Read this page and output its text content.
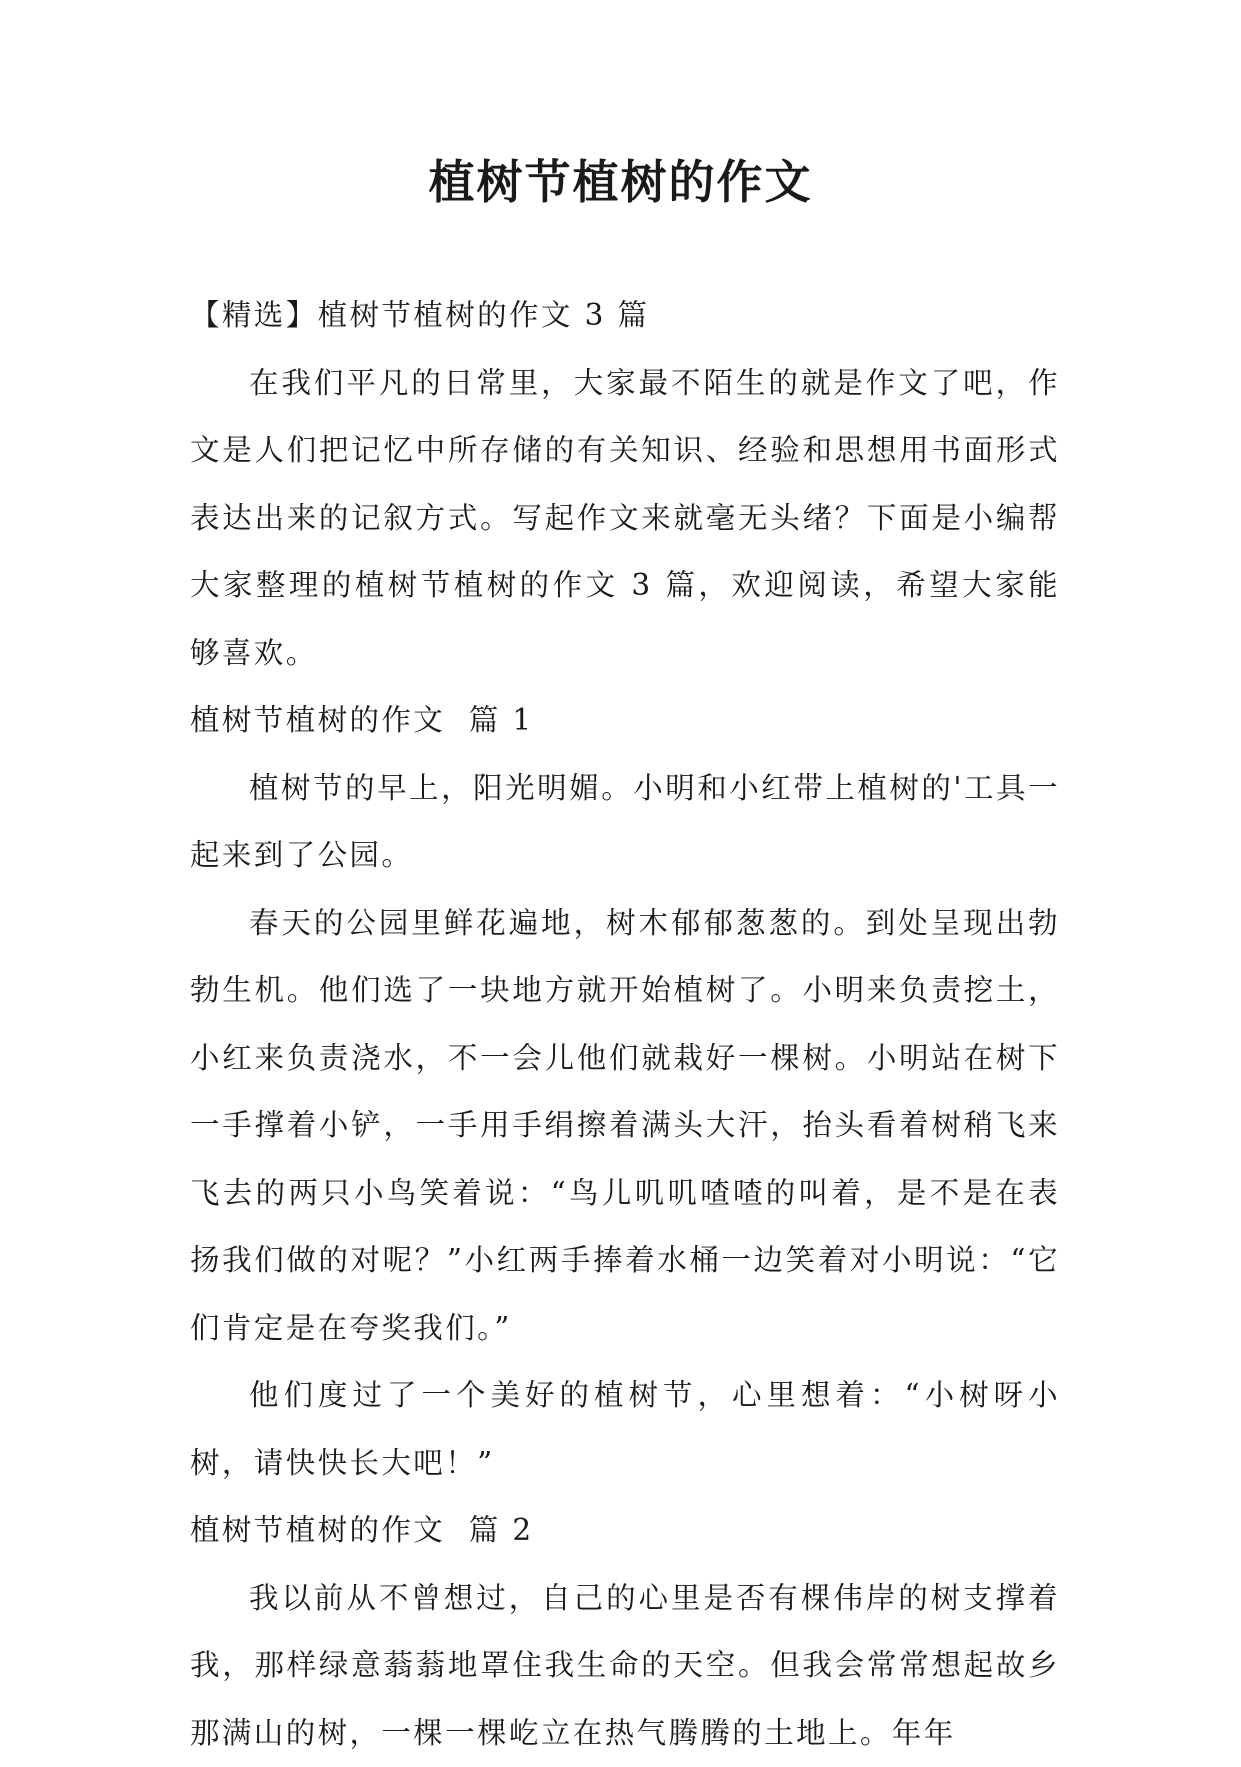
植树节植树的作文

【精选】植树节植树的作文 3 篇

在我们平凡的日常里，大家最不陌生的就是作文了吧，作文是人们把记忆中所存储的有关知识、经验和思想用书面形式表达出来的记叙方式。写起作文来就毫无头绪？下面是小编帮大家整理的植树节植树的作文 3 篇，欢迎阅读，希望大家能够喜欢。

植树节植树的作文  篇 1

植树节的早上，阳光明媚。小明和小红带上植树的'工具一起来到了公园。

春天的公园里鲜花遍地，树木郁郁葱葱的。到处呈现出勃勃生机。他们选了一块地方就开始植树了。小明来负责挖土，小红来负责浇水，不一会儿他们就栽好一棵树。小明站在树下一手撑着小铲，一手用手绢擦着满头大汗，抬头看着树稍飞来飞去的两只小鸟笑着说：“鸟儿叽叽喳喳的叫着，是不是在表扬我们做的对呢？”小红两手捧着水桶一边笑着对小明说：“它们肯定是在夸奖我们。”

他们度过了一个美好的植树节，心里想着：“小树呀小树，请快快长大吧！”

植树节植树的作文  篇 2

我以前从不曾想过，自己的心里是否有棵伟岸的树支撑着我，那样绿意蓊蓊地罩住我生命的天空。但我会常常想起故乡那满山的树，一棵一棵屹立在热气腾腾的土地上。年年
